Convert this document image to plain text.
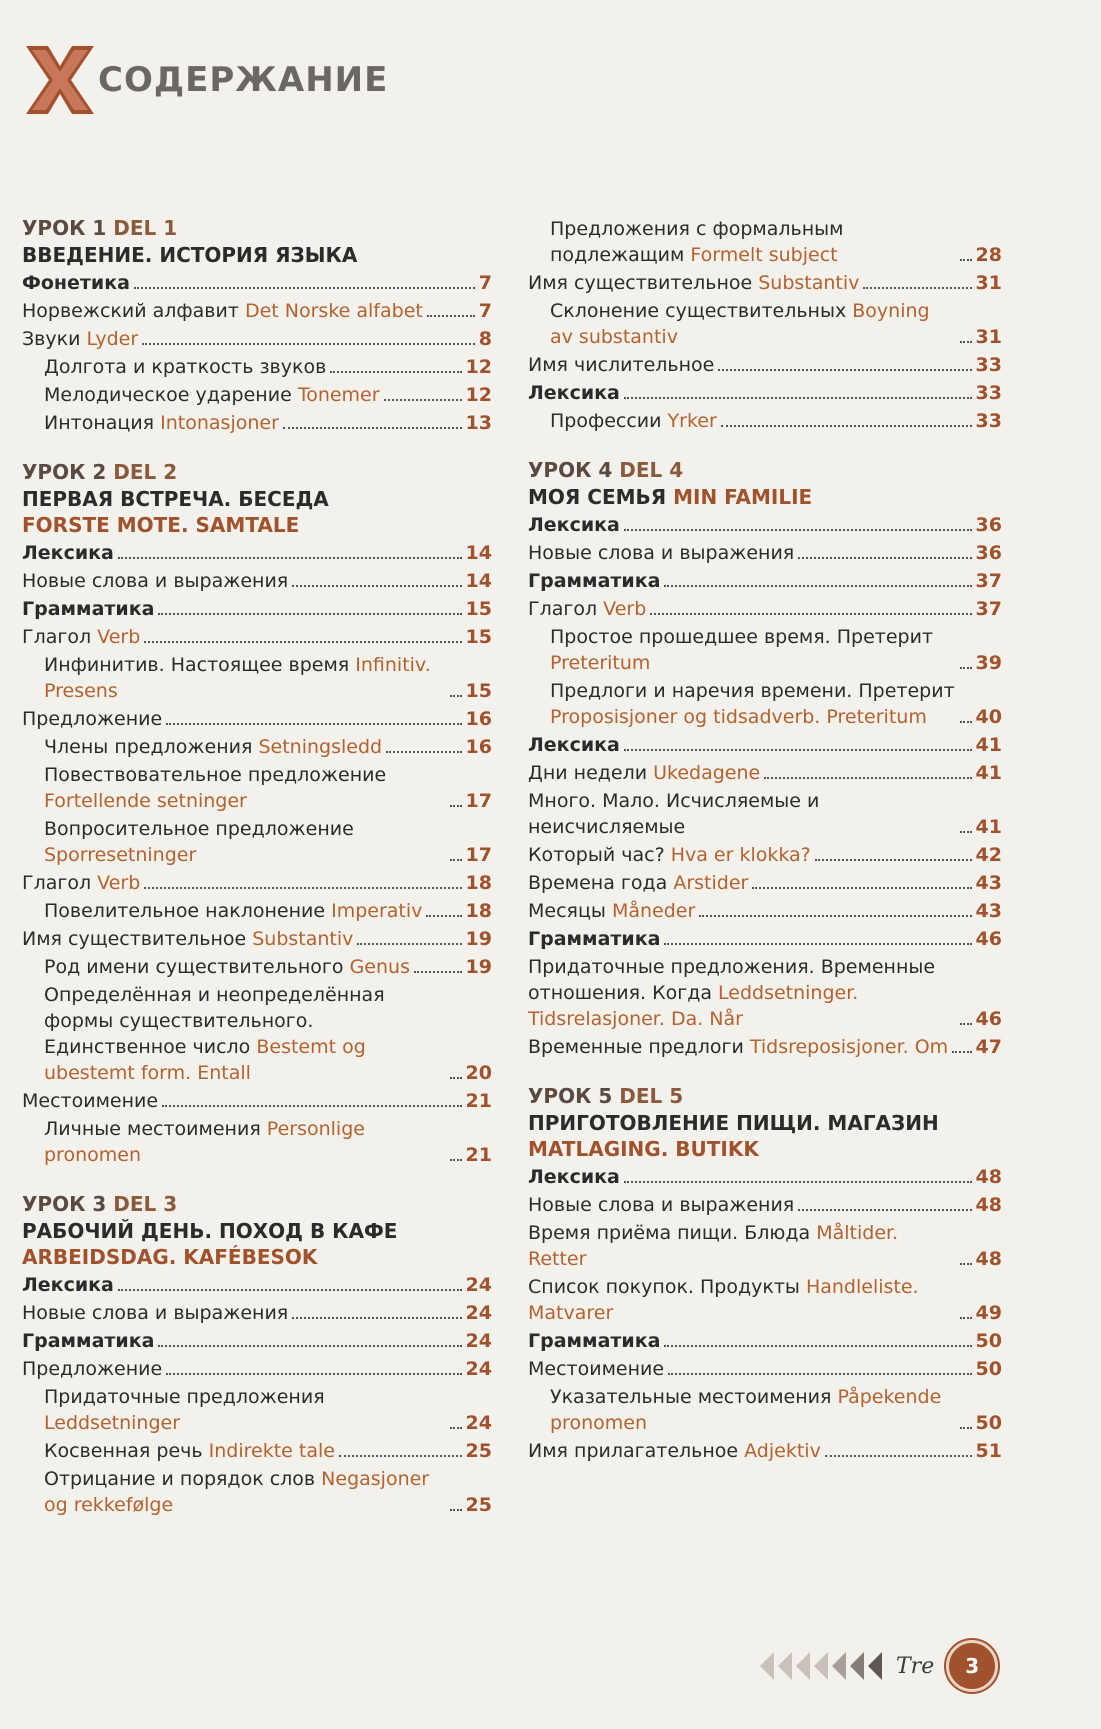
СОДЕРЖАНИЕ
УРОК 1 DEL 1
ВВЕДЕНИЕ. ИСТОРИЯ ЯЗЫКА
Фонетика	7
Норвежский алфавит Det Norske alfabet	7
Звуки Lyder	8
Долгота и краткость звуков	12
Мелодическое ударение Tonemer	12
Интонация Intonasjoner	13
УРОК 2 DEL 2
ПЕРВАЯ ВСТРЕЧА. БЕСЕДА
FORSTE MOTE. SAMTALE
Лексика	14
Новые слова и выражения	14
Грамматика	15
Глагол Verb	15
Инфинитив. Настоящее время Infinitiv. Presens	15
Предложение	16
Члены предложения Setningsledd	16
Повествовательное предложение Fortellende setninger	17
Вопросительное предложение Sporresetninger	17
Глагол Verb	18
Повелительное наклонение Imperativ 18
Имя существительное Substantiv	19
Род имени существительного Genus	19
Определённая и неопределённая формы существительного. Единственное число Bestemt og ubestemt form. Entall	20
Местоимение	21
Личные местоимения Personlige pronomen	21
УРОК 3 DEL 3
РАБОЧИЙ ДЕНЬ. ПОХОД В КАФЕ
ARBEIDSDAG. KAFÉBESOK
Лексика	24
Новые слова и выражения	24
Грамматика	24
Предложение	24
Придаточные предложения Leddsetninger	24
Косвенная речь Indirekte tale	25
Отрицание и порядок слов Negasjoner og rekkefølge	25
Предложения с формальным подлежащим Formelt subject	28
Имя существительное Substantiv	31
Склонение существительных Boyning av substantiv	31
Имя числительное	33
Лексика	33
Профессии Yrker	33
УРОК 4 DEL 4
МОЯ СЕМЬЯ MIN FAMILIE
Лексика	36
Новые слова и выражения	36
Грамматика	37
Глагол Verb	37
Простое прошедшее время. Претерит Preteritum	39
Предлоги и наречия времени. Претерит Proposisjoner og tidsadverb. Preteritum	40
Лексика	41
Дни недели Ukedagene	41
Много. Мало. Исчисляемые и неисчисляемые	41
Который час? Hva er klokka?	42
Времена года Arstider	43
Месяцы Måneder	43
Грамматика	46
Придаточные предложения. Временные отношения. Когда Leddsetninger. Tidsrelasjoner. Da. Når	46
Временные предлоги Tidsreposisjoner. Om 47
УРОК 5 DEL 5
ПРИГОТОВЛЕНИЕ ПИЩИ. МАГАЗИН
MATLAGING. BUTIKK
Лексика	48
Новые слова и выражения	48
Время приёма пищи. Блюда Måltider. Retter	48
Список покупок. Продукты Handleliste. Matvarer	49
Грамматика	50
Местоимение	50
Указательные местоимения Påpekende pronomen	50
Имя прилагательное Adjektiv	51
Tre	3
